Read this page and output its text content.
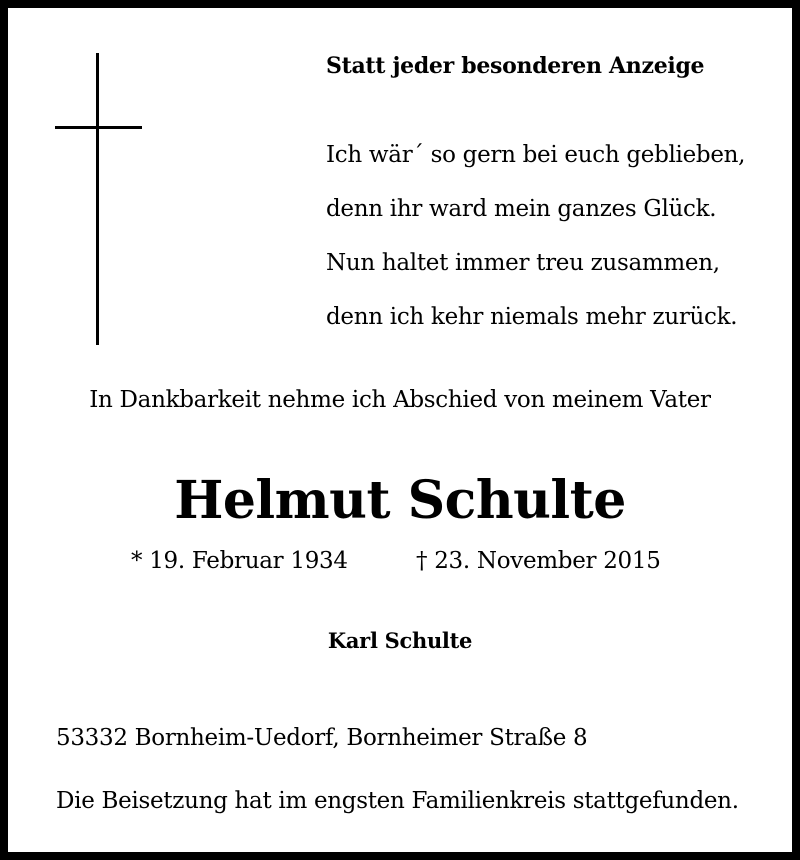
Statt jeder besonderen Anzeige
Ich wär´ so gern bei euch geblieben,
denn ihr ward mein ganzes Glück.
Nun haltet immer treu zusammen,
denn ich kehr niemals mehr zurück.
In Dankbarkeit nehme ich Abschied von meinem Vater
Helmut Schulte
* 19. Februar 1934	† 23. November 2015
Karl Schulte
53332 Bornheim-Uedorf, Bornheimer Straße 8
Die Beisetzung hat im engsten Familienkreis stattgefunden.
